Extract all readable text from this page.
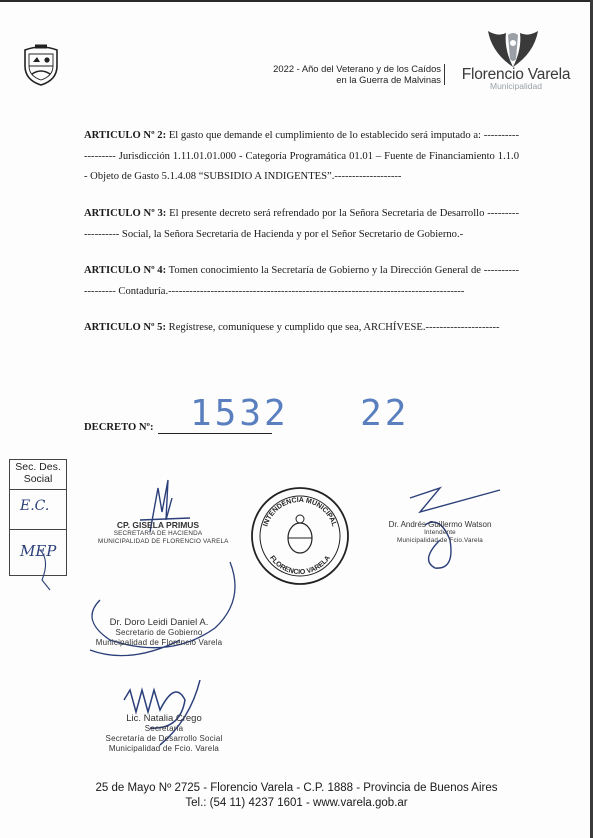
2022 - Año del Veterano y de los Caídos
en la Guerra de Malvinas	Florencio Varela
Municipalidad

ARTICULO Nº 2: El gasto que demande el cumplimiento de lo establecido será imputado a: ------------------- Jurisdicción 1.11.01.01.000 - Categoría Programática 01.01 – Fuente de Financiamiento 1.1.0 - Objeto de Gasto 5.1.4.08 “SUBSIDIO A INDIGENTES”.-------------------

ARTICULO Nº 3: El presente decreto será refrendado por la Señora Secretaria de Desarrollo ------------------- Social, la Señora Secretaria de Hacienda y por el Señor Secretario de Gobierno.-

ARTICULO Nº 4: Tomen conocimiento la Secretaría de Gobierno y la Dirección General de ------------------- Contaduría.------------------------------------------------------------------------------------

ARTICULO Nº 5: Regístrese, comuníquese y cumplido que sea, ARCHÍVESE.---------------------

DECRETO Nº: 1532 22
Sec. Des.
Social
E.C.
MEP
INTENDENCIA MUNICIPAL
FLORENCIO VARELA
CP. GISELA PRIMUS
SECRETARIA DE HACIENDA
MUNICIPALIDAD DE FLORENCIO VARELA
Dr. Andrés Guillermo Watson
Intendente
Municipalidad de Fcio.Varela
Dr. Doro Leidi Daniel A.
Secretario de Gobierno
Municipalidad de Florencio Varela
Lic. Natalia Crego
Secretaria
Secretaría de Desarrollo Social
Municipalidad de Fcio. Varela
25 de Mayo Nº 2725 - Florencio Varela - C.P. 1888 - Provincia de Buenos Aires
Tel.: (54 11) 4237 1601 - www.varela.gob.ar
